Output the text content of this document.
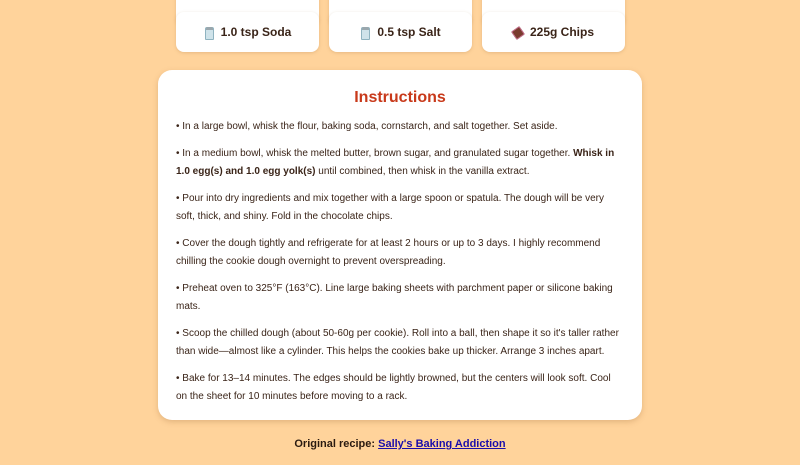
1.0 tsp Soda	0.5 tsp Salt	225g Chips
Instructions

• In a large bowl, whisk the flour, baking soda, cornstarch, and salt together. Set aside.

• In a medium bowl, whisk the melted butter, brown sugar, and granulated sugar together. Whisk in 1.0 egg(s) and 1.0 egg yolk(s) until combined, then whisk in the vanilla extract.

• Pour into dry ingredients and mix together with a large spoon or spatula. The dough will be very soft, thick, and shiny. Fold in the chocolate chips.

• Cover the dough tightly and refrigerate for at least 2 hours or up to 3 days. I highly recommend chilling the cookie dough overnight to prevent overspreading.

• Preheat oven to 325°F (163°C). Line large baking sheets with parchment paper or silicone baking mats.

• Scoop the chilled dough (about 50-60g per cookie). Roll into a ball, then shape it so it's taller rather than wide—almost like a cylinder. This helps the cookies bake up thicker. Arrange 3 inches apart.

• Bake for 13–14 minutes. The edges should be lightly browned, but the centers will look soft. Cool on the sheet for 10 minutes before moving to a rack.

Original recipe: Sally's Baking Addiction
